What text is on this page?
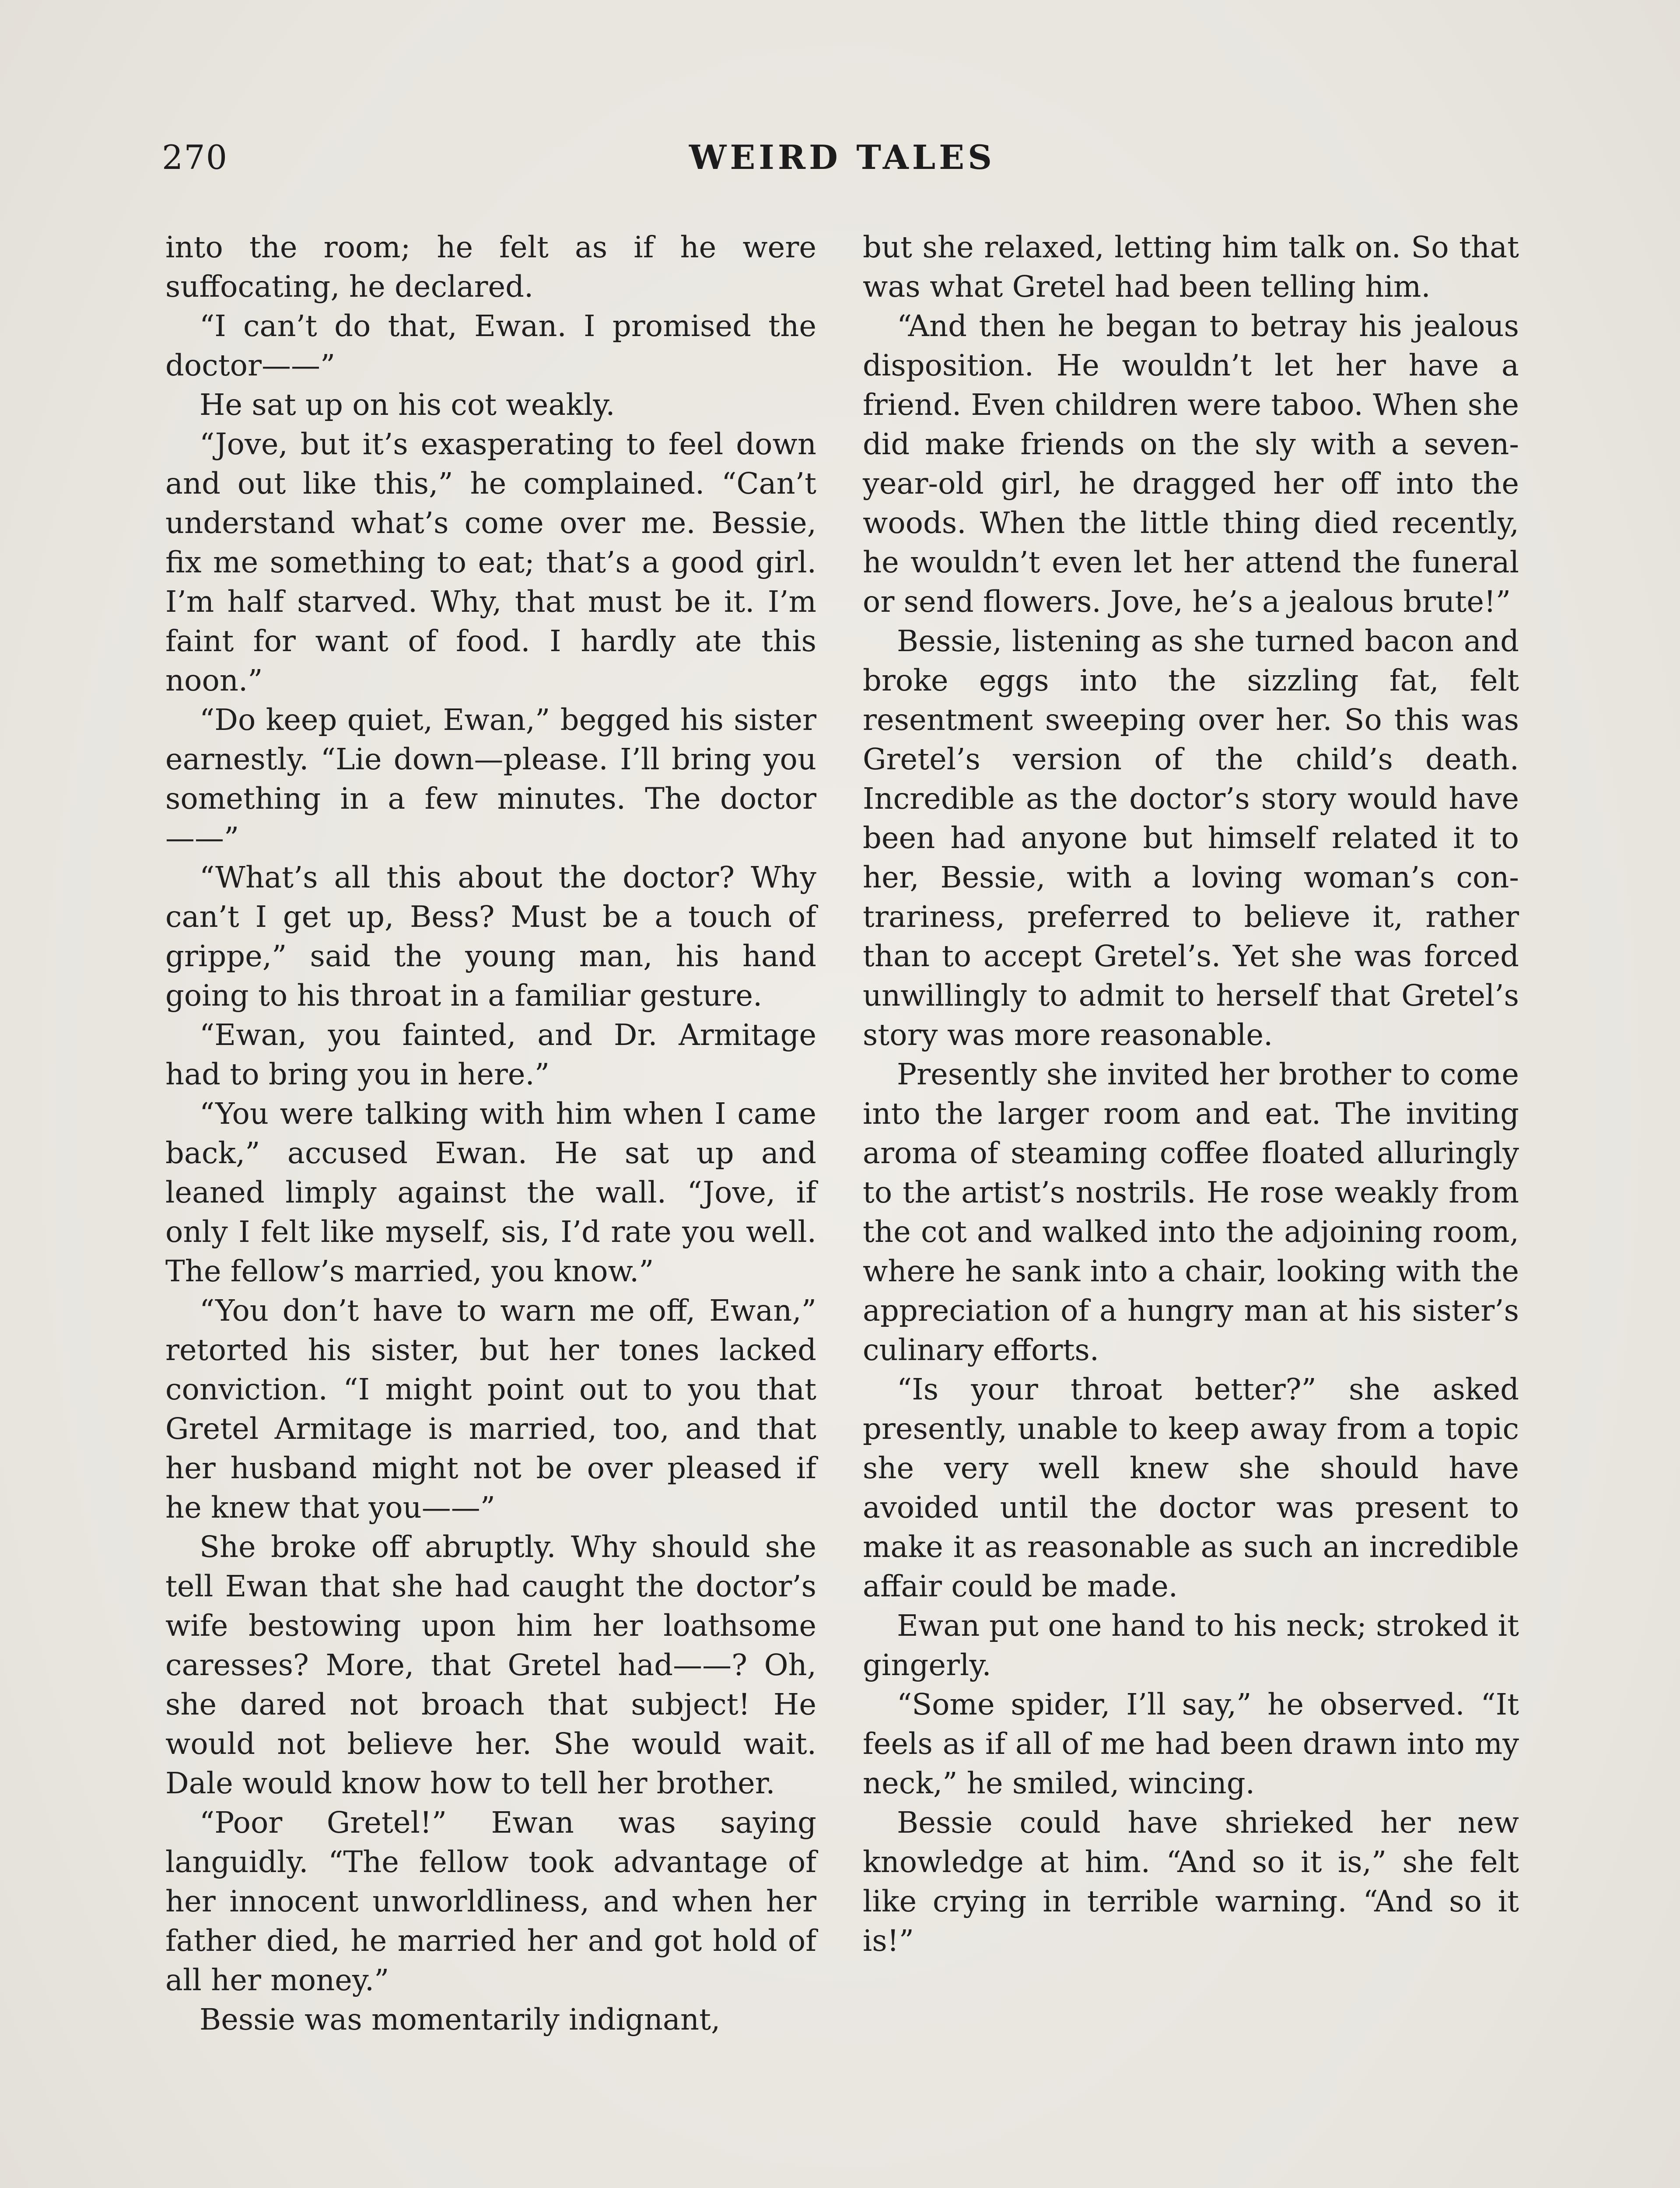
270	WEIRD TALES

into the room; he felt as if he were suffocating, he declared.

“I can’t do that, Ewan. I promised the doctor——”

He sat up on his cot weakly.

“Jove, but it’s exasperating to feel down and out like this,” he complained. “Can’t understand what’s come over me. Bessie, fix me something to eat; that’s a good girl. I’m half starved. Why, that must be it. I’m faint for want of food. I hardly ate this noon.”

“Do keep quiet, Ewan,” begged his sister earnestly. “Lie down—please. I’ll bring you something in a few minutes. The doctor——”

“What’s all this about the doctor? Why can’t I get up, Bess? Must be a touch of grippe,” said the young man, his hand going to his throat in a familiar gesture.

“Ewan, you fainted, and Dr. Armitage had to bring you in here.”

“You were talking with him when I came back,” accused Ewan. He sat up and leaned limply against the wall. “Jove, if only I felt like myself, sis, I’d rate you well. The fellow’s married, you know.”

“You don’t have to warn me off, Ewan,” retorted his sister, but her tones lacked conviction. “I might point out to you that Gretel Armitage is married, too, and that her husband might not be over pleased if he knew that you——”

She broke off abruptly. Why should she tell Ewan that she had caught the doctor’s wife bestowing upon him her loathsome caresses? More, that Gretel had——? Oh, she dared not broach that subject! He would not believe her. She would wait. Dale would know how to tell her brother.

“Poor Gretel!” Ewan was saying languidly. “The fellow took advantage of her innocent unworldliness, and when her father died, he married her and got hold of all her money.”

Bessie was momentarily indignant,

but she relaxed, letting him talk on. So that was what Gretel had been telling him.

“And then he began to betray his jealous disposition. He wouldn’t let her have a friend. Even children were taboo. When she did make friends on the sly with a seven-year-old girl, he dragged her off into the woods. When the little thing died recently, he wouldn’t even let her attend the funeral or send flowers. Jove, he’s a jealous brute!”

Bessie, listening as she turned bacon and broke eggs into the sizzling fat, felt resentment sweeping over her. So this was Gretel’s version of the child’s death. Incredible as the doctor’s story would have been had anyone but himself related it to her, Bessie, with a loving woman’s contrariness, preferred to believe it, rather than to accept Gretel’s. Yet she was forced unwillingly to admit to herself that Gretel’s story was more reasonable.

Presently she invited her brother to come into the larger room and eat. The inviting aroma of steaming coffee floated alluringly to the artist’s nostrils. He rose weakly from the cot and walked into the adjoining room, where he sank into a chair, looking with the appreciation of a hungry man at his sister’s culinary efforts.

“Is your throat better?” she asked presently, unable to keep away from a topic she very well knew she should have avoided until the doctor was present to make it as reasonable as such an incredible affair could be made.

Ewan put one hand to his neck; stroked it gingerly.

“Some spider, I’ll say,” he observed. “It feels as if all of me had been drawn into my neck,” he smiled, wincing.

Bessie could have shrieked her new knowledge at him. “And so it is,” she felt like crying in terrible warning. “And so it is!”
